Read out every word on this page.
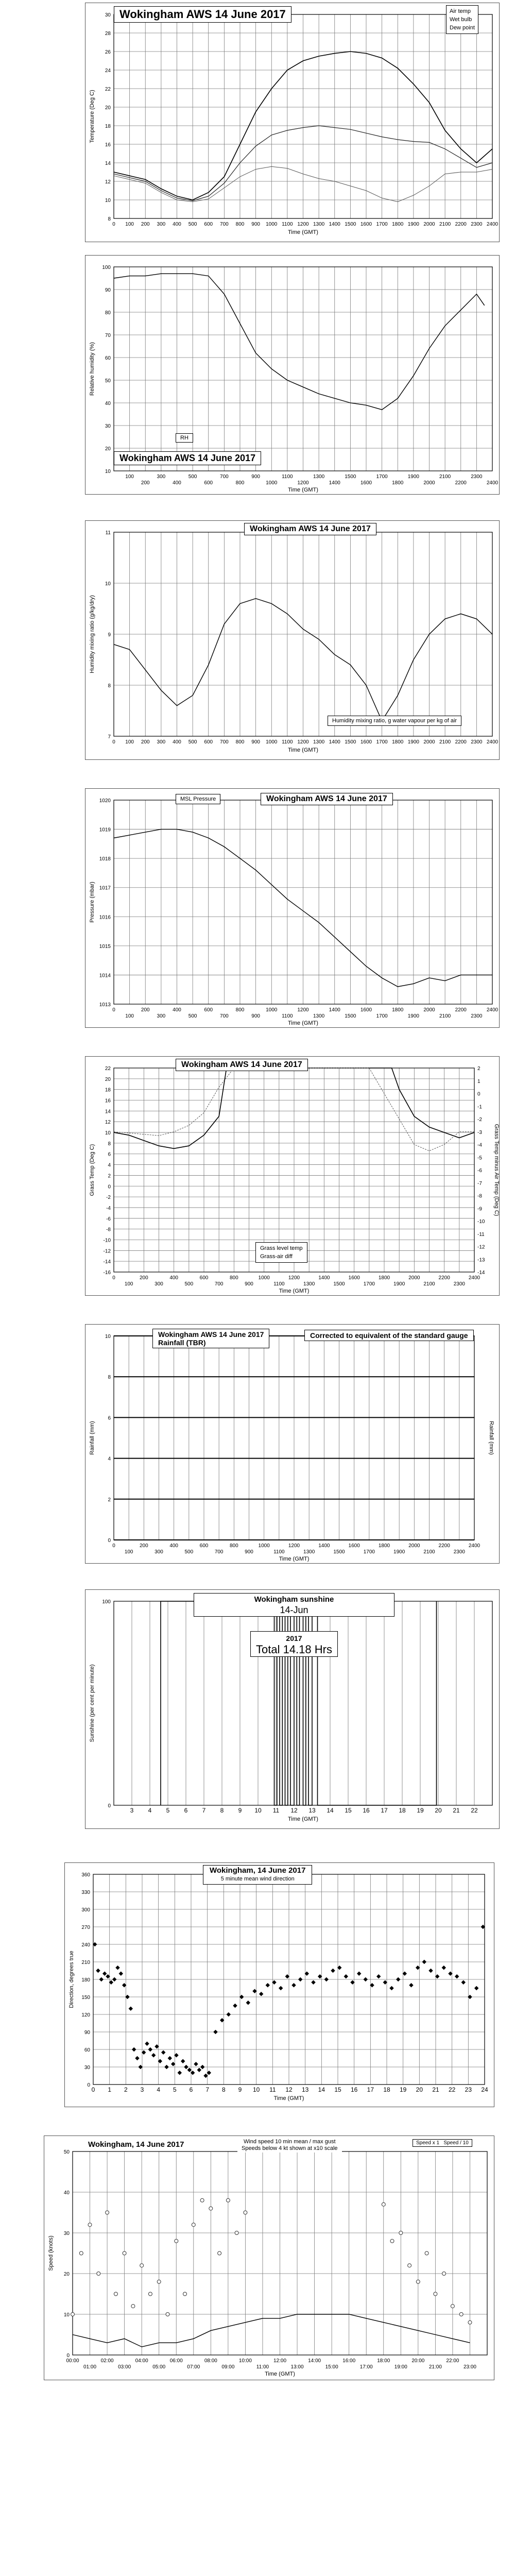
0 100 200 300 400 500 600 700 800 900 1000 1100 1200 1300 1400 1500 1600 1700 1800 1900 2000 2100 2200 2300 2400
8
10
12
14
16
18
20
22
24
26
28
30
Time (GMT)
Temperature (Deg C)
Wokingham AWS 14 June 2017	Air temp
Wet bulb
Dew point
100
200
300
400
500
600
700
800
900
1000
1100
1200
1300
1400
1500
1600
1700
1800
1900
2000
2100
2200
2300
2400
10
20
30
40
50
60
70
80
90
100
Time (GMT)
Relative humidity (%)
Wokingham AWS 14 June 2017
RH
0 100 200 300 400 500 600 700 800 900 1000 1100 1200 1300 1400 1500 1600 1700 1800 1900 2000 2100 2200 2300 2400
7
8
9
10
11
Time (GMT)
Humidity mixing ratio (g/kg/dry)
Wokingham AWS 14 June 2017
Humidity mixing ratio, g water vapour per kg of air
0
100
200
300
400
500
600
700
800
900
1000
1100
1200
1300
1400
1500
1600
1700
1800
1900
2000
2100
2200
2300
2400
1013
1014
1015
1016
1017
1018
1019
1020
Time (GMT)
Pressure (mbar)
MSL Pressure	Wokingham AWS 14 June 2017
0
100
200
300
400
500
600
700
800
900
1000
1100
1200
1300
1400
1500
1600
1700
1800
1900
2000
2100
2200
2300
2400
-16
-14
-12
-10
-8
-6
-4
-2
0
2
4
6
8
10
12
14
16
18
20
22
-14
-13
-12
-11
-10
-9
-8
-7
-6
-5
-4
-3
-2
-1
0
1
2
Time (GMT)
Grass Temp (Deg C)	Grass Temp minus Air Temp (Deg C)
Wokingham AWS 14 June 2017
Grass level temp
Grass-air diff
0
100
200
300
400
500
600
700
800
900
1000
1100
1200
1300
1400
1500
1600
1700
1800
1900
2000
2100
2200
2300
2400
0
2
4
6
8
10
Time (GMT)
Rainfall (mm)	Rainfall (mm)
Wokingham AWS 14 June 2017
Rainfall (TBR)
Corrected to equivalent of the standard gauge
3 4 5 6 7 8 9 10 11 12 13 14 15 16 17 18 19 20 21 22
0
100
Time (GMT)
Sunshine (per cent per minute)
Wokingham sunshine
14-Jun
2017
Total 14.18 Hrs
0 1 2 3 4 5 6 7 8 9 10 11 12 13 14 15 16 17 18 19 20 21 22 23 24
0
30
60
90
120
150
180
210
240
270
300
330
360
Time (GMT)
Direction, degrees true
Wokingham, 14 June 2017
5 minute mean wind direction
00:00
01:00
02:00
03:00
04:00
05:00
06:00
07:00
08:00
09:00
10:00
11:00
12:00
13:00
14:00
15:00
16:00
17:00
18:00
19:00
20:00
21:00
22:00
23:00
0
10
20
30
40
50
Time (GMT)
Speed (knots)
Wokingham, 14 June 2017	Wind speed 10 min mean / max gust
Speeds below 4 kt shown at x10 scale
Speed x 1 Speed / 10
